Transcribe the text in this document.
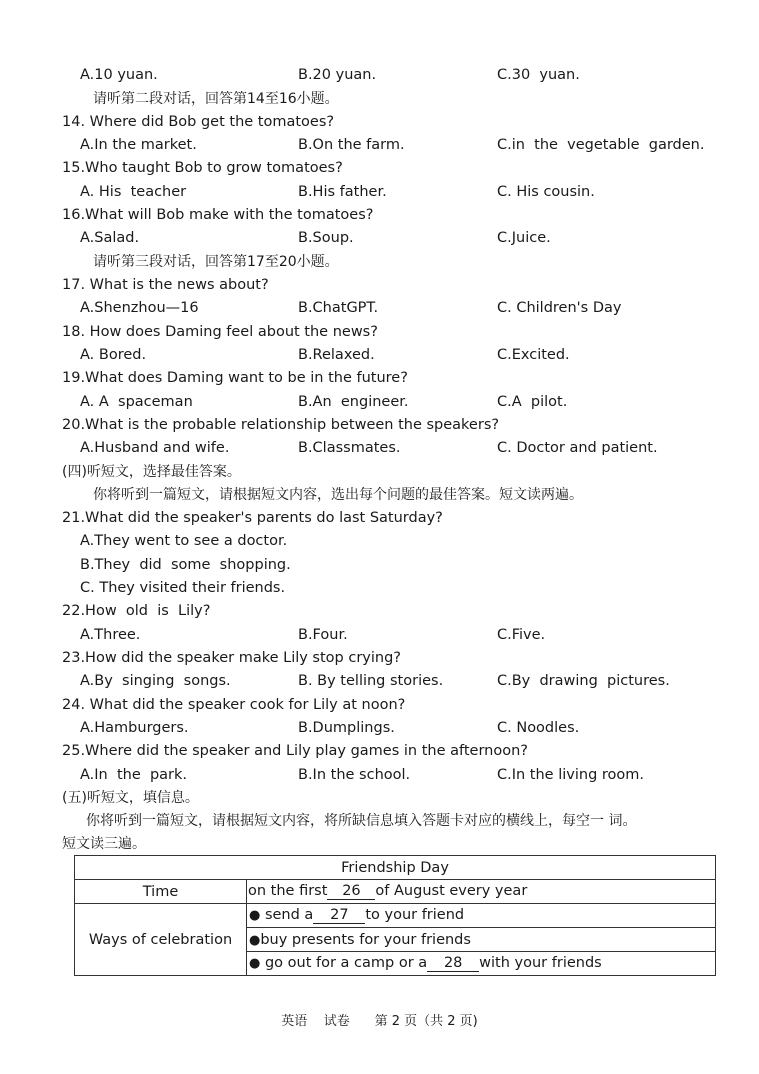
A.10 yuan.	B.20 yuan.	C.30  yuan.
请听第二段对话，回答第14至16小题。
14. Where did Bob get the tomatoes?
A.In the market.	B.On the farm.	C.in  the  vegetable  garden.
15.Who taught Bob to grow tomatoes?
A. His  teacher	B.His father.	C. His cousin.
16.What will Bob make with the tomatoes?
A.Salad.	B.Soup.	C.Juice.
请听第三段对话，回答第17至20小题。
17. What is the news about?
A.Shenzhou—16	B.ChatGPT.	C. Children's Day
18. How does Daming feel about the news?
A. Bored.	B.Relaxed.	C.Excited.
19.What does Daming want to be in the future?
A. A  spaceman	B.An  engineer.	C.A  pilot.
20.What is the probable relationship between the speakers?
A.Husband and wife.	B.Classmates.	C. Doctor and patient.
(四)听短文，选择最佳答案。
你将听到一篇短文，请根据短文内容，选出每个问题的最佳答案。短文读两遍。
21.What did the speaker's parents do last Saturday?
A.They went to see a doctor.
B.They  did  some  shopping.
C. They visited their friends.
22.How  old  is  Lily?
A.Three.	B.Four.	C.Five.
23.How did the speaker make Lily stop crying?
A.By  singing  songs.	B. By telling stories.	C.By  drawing  pictures.
24. What did the speaker cook for Lily at noon?
A.Hamburgers.	B.Dumplings.	C. Noodles.
25.Where did the speaker and Lily play games in the afternoon?
A.In  the  park.	B.In the school.	C.In the living room.
(五)听短文，填信息。
你将听到一篇短文，请根据短文内容，将所缺信息填入答题卡对应的横线上，每空一 词。
短文读三遍。
Friendship Day	
Time	on the first 26 of August every year
Ways of celebration	● send a 27 to your friend
	●buy presents for your friends
	● go out for a camp or a 28 with your friends
英语    试卷      第 2 页（共 2 页)
